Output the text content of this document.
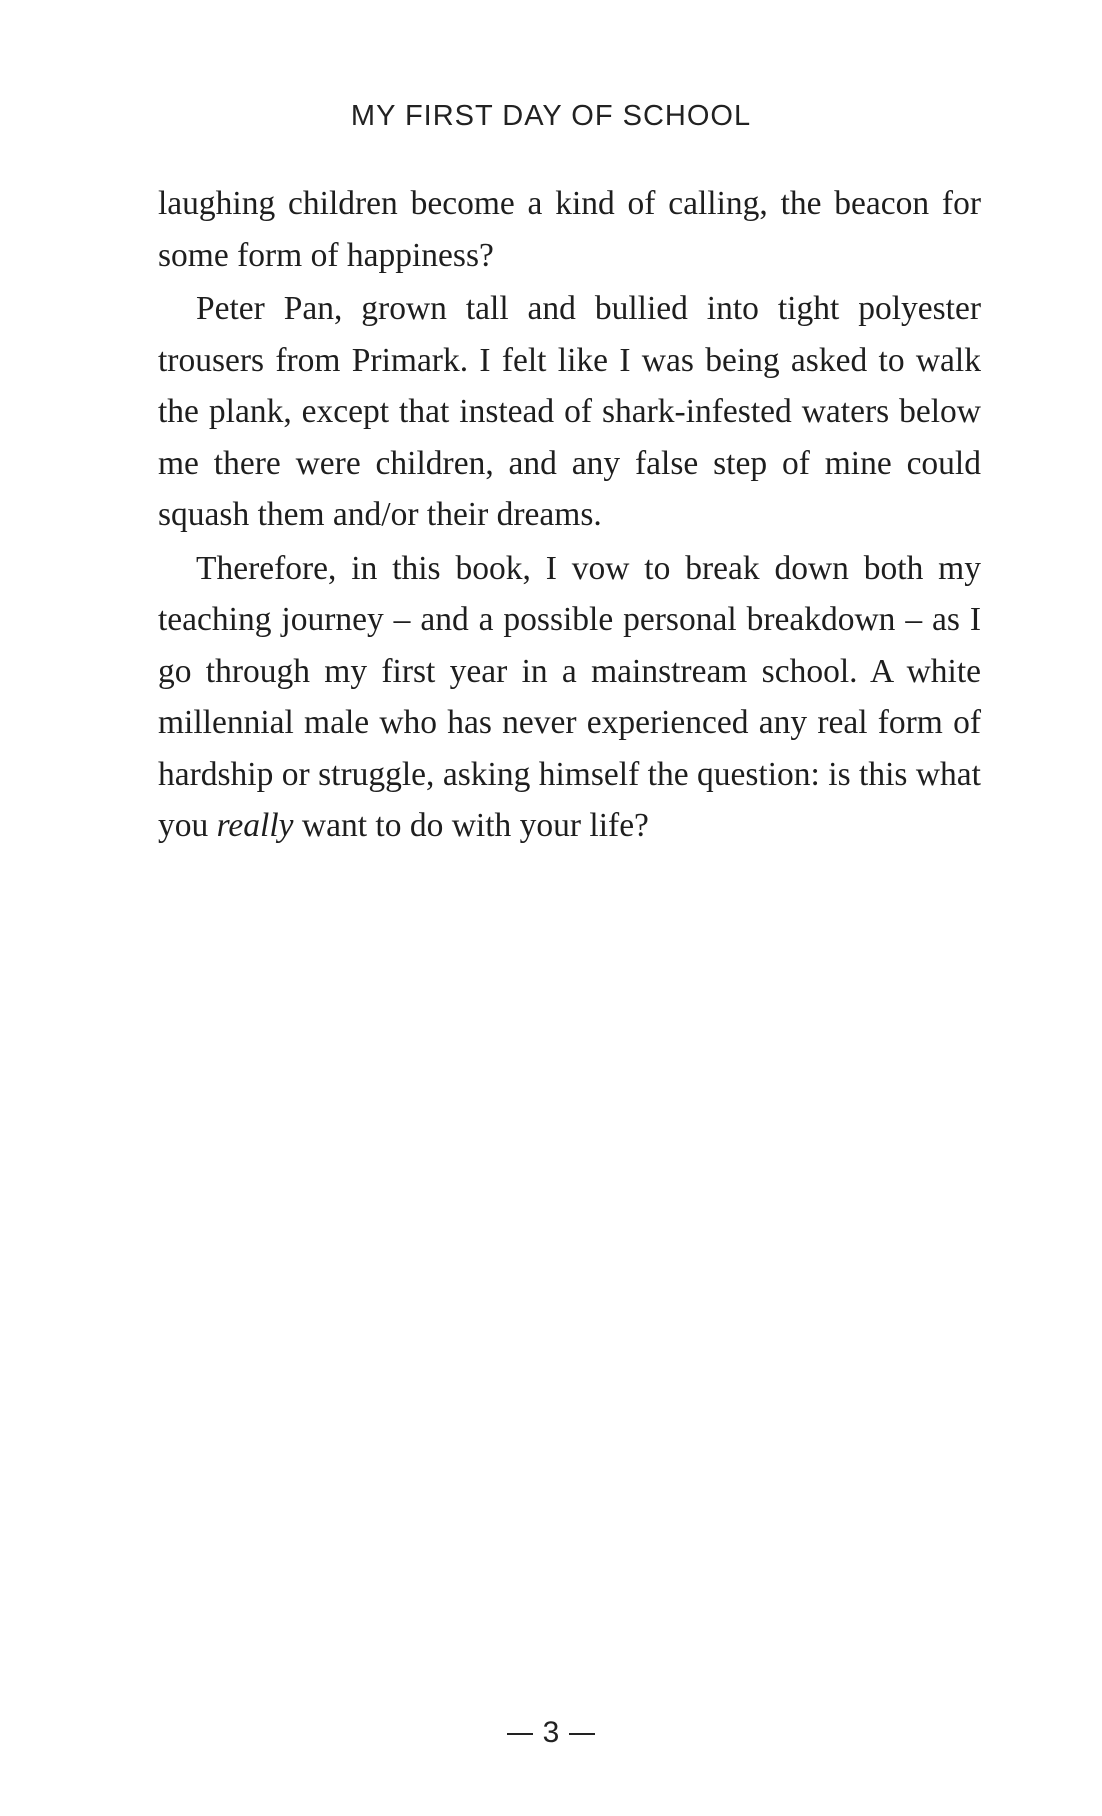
MY FIRST DAY OF SCHOOL

laughing children become a kind of calling, the beacon for some form of happiness?

Peter Pan, grown tall and bullied into tight polyester trousers from Primark. I felt like I was being asked to walk the plank, except that instead of shark-infested waters below me there were children, and any false step of mine could squash them and/or their dreams.

Therefore, in this book, I vow to break down both my teaching journey – and a possible personal breakdown – as I go through my first year in a mainstream school. A white millennial male who has never experienced any real form of hardship or struggle, asking himself the question: is this what you really want to do with your life?

3
